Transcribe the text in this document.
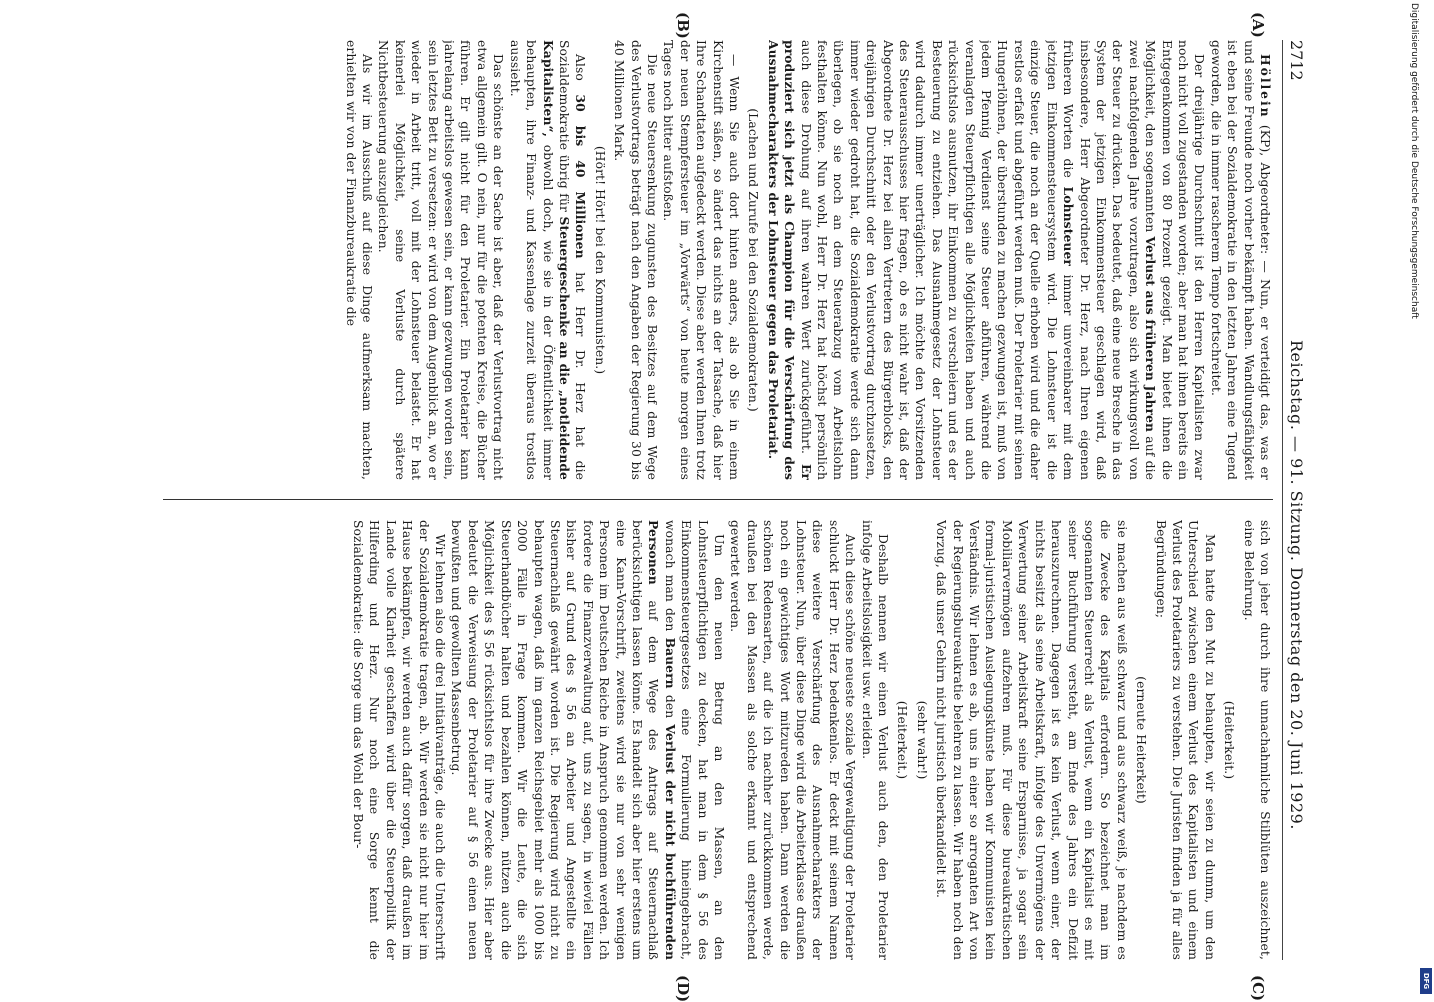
2712
Reichstag. — 91. Sitzung. Donnerstag den 20. Juni 1929.
(A)
(B)
(C)
(D)

Höllein (KP), Abgeordneter: — Nun, er verteidigt das, was er und seine Freunde noch vorher bekämpft haben. Wandlungsfähigkeit ist eben bei der Sozialdemokratie in den letzten Jahren eine Tugend geworden, die in immer rascherem Tempo fortschreitet.

Der dreijährige Durchschnitt ist den Herren Kapitalisten zwar noch nicht voll zugestanden worden; aber man hat ihnen bereits ein Entgegenkommen von 80 Prozent gezeigt. Man bietet ihnen die Möglichkeit, den sogenannten Verlust aus früheren Jahren auf die zwei nachfolgenden Jahre vorzutragen, also sich wirkungsvoll von der Steuer zu drücken. Das bedeutet, daß eine neue Bresche in das System der jetzigen Einkommensteuer geschlagen wird, daß insbesondere, Herr Abgeordneter Dr. Herz, nach Ihren eigenen früheren Worten die Lohnsteuer immer unvereinbarer mit dem jetzigen Einkommensteuersystem wird. Die Lohnsteuer ist die einzige Steuer, die noch an der Quelle erhoben wird und die daher restlos erfaßt und abgeführt werden muß. Der Proletarier mit seinen Hungerlöhnen, der überstunden zu machen gezwungen ist, muß von jedem Pfennig Verdienst seine Steuer abführen, während die veranlagten Steuerpflichtigen alle Möglichkeiten haben und auch rücksichtslos ausnutzen, ihr Einkommen zu verschleiern und es der Besteuerung zu entziehen. Das Ausnahmegesetz der Lohnsteuer wird dadurch immer unerträglicher. Ich möchte den Vorsitzenden des Steuerausschusses hier fragen, ob es nicht wahr ist, daß der Abgeordnete Dr. Herz bei allen Vertretern des Bürgerblocks, den dreijährigen Durchschnitt oder den Verlustvortrag durchzusetzen, immer wieder gedroht hat, die Sozialdemokratie werde sich dann überlegen, ob sie noch an dem Steuerabzug vom Arbeitslohn festhalten könne. Nun wohl, Herr Dr. Herz hat höchst persönlich auch diese Drohung auf ihren wahren Wert zurückgeführt. Er produziert sich jetzt als Champion für die Verschärfung des Ausnahmecharakters der Lohnsteuer gegen das Proletariat.

(Lachen und Zurufe bei den Sozialdemokraten.)

— Wenn Sie auch dort hinten anders, als ob Sie in einem Kirchenstift säßen, so ändert das nichts an der Tatsache, daß hier Ihre Schandtaten aufgedeckt werden. Diese aber werden Ihnen trotz der neuen Stempfersteuer im „Vorwärts“ von heute morgen eines Tages noch bitter aufstoßen.

Die neue Steuersenkung zugunsten des Besitzes auf dem Wege des Verlustvortrags beträgt nach den Angaben der Regierung 30 bis 40 Millionen Mark.

(Hört! Hört! bei den Kommunisten.)

Also 30 bis 40 Millionen hat Herr Dr. Herz hat die Sozialdemokratie übrig für Steuergeschenke an die „notleidende Kapitalisten“, obwohl doch, wie sie in der Öffentlichkeit immer behaupten, ihre Finanz- und Kassenlage zurzeit überaus trostlos aussieht.

Das schönste an der Sache ist aber, daß der Verlustvortrag nicht etwa allgemein gilt. O nein, nur für die potenten Kreise, die Bücher führen. Er gilt nicht für den Proletarier. Ein Proletarier kann jahrelang arbeitslos gewesen sein, er kann gezwungen worden sein, sein letztes Bett zu versetzen: er wird von dem Augenblick an, wo er wieder in Arbeit tritt, voll mit der Lohnsteuer belastet. Er hat keinerlei Möglichkeit, seine Verluste durch spätere Nichtbesteuerung auszugleichen.

Als wir im Ausschuß auf diese Dinge aufmerksam machten, erhielten wir von der Finanzbureaukratie die

sich von jeher durch ihre unnachahmliche Stilblüten auszeichnet, eine Belehrung.

(Heiterkeit.)

Man hatte den Mut zu behaupten, wir seien zu dumm, um den Unterschied zwischen einem Verlust des Kapitalisten und einem Verlust des Proletariers zu verstehen. Die Juristen finden ja für alles Begründungen;

(erneute Heiterkeit)

sie machen aus weiß schwarz und aus schwarz weiß, je nachdem es die Zwecke des Kapitals erfordern. So bezeichnet man im sogenannten Steuerrecht als Verlust, wenn ein Kapitalist es mit seiner Buchführung versteht, am Ende des Jahres ein Defizit herauszurechnen. Dagegen ist es kein Verlust, wenn einer, der nichts besitzt als seine Arbeitskraft, infolge des Unvermögens der Verwertung seiner Arbeitskraft seine Ersparnisse, ja sogar sein Mobiliarvermögen aufzehren muß. Für diese bureaukratischen formal-juristischen Auslegungskünste haben wir Kommunisten kein Verständnis. Wir lehnen es ab, uns in einer so arroganten Art von der Regierungsbureaukratie belehren zu lassen. Wir haben noch den Vorzug, daß unser Gehirn nicht juristisch überkandidelt ist.

(sehr wahr!)

(Heiterkeit.)

Deshalb nennen wir einen Verlust auch den, den Proletarier infolge Arbeitslosigkeit usw. erleiden.

Auch diese schöne neueste soziale Vergewaltigung der Proletarier schluckt Herr Dr. Herz bedenkenlos. Er deckt mit seinem Namen diese weitere Verschärfung des Ausnahmecharakters der Lohnsteuer. Nun, über diese Dinge wird die Arbeiterklasse draußen noch ein gewichtiges Wort mitzureden haben. Dann werden die schönen Redensarten, auf die ich nachher zurückkommen werde, draußen bei den Massen als solche erkannt und entsprechend gewertet werden.

Um den neuen Betrug an den Massen, an den Lohnsteuerpflichtigen zu decken, hat man in dem § 56 des Einkommensteuergesetzes eine Formulierung hineingebracht, wonach man den Bauern den Verlust der nicht buchführenden Personen auf dem Wege des Antrags auf Steuernachlaß berücksichtigen lassen könne. Es handelt sich aber hier erstens um eine Kann-Vorschrift, zweitens wird sie nur von sehr wenigen Personen im Deutschen Reiche in Anspruch genommen werden. Ich fordere die Finanzverwaltung auf, uns zu sagen, in wieviel Fällen bisher auf Grund des § 56 an Arbeiter und Angestellte ein Steuernachlaß gewährt worden ist. Die Regierung wird nicht zu behaupten wagen, daß im ganzen Reichsgebiet mehr als 1000 bis 2000 Fälle in Frage kommen. Wir die Leute, die sich Steuerhandbücher halten und bezahlen können, nützen auch die Möglichkeit des § 56 rücksichtslos für ihre Zwecke aus. Hier aber bedeutet die Verweisung der Proletarier auf § 56 einen neuen bewußten und gewollten Massenbetrug.

Wir lehnen also die drei Initiativanträge, die auch die Unterschrift der Sozialdemokratie tragen, ab. Wir werden sie nicht nur hier im Hause bekämpfen, wir werden auch dafür sorgen, daß draußen im Lande volle Klarheit geschaffen wird über die Steuerpolitik der Hilferding und Herz. Nur noch eine Sorge kennt die Sozialdemokratie: die Sorge um das Wohl der Bour-

Digitalisierung gefördert durch die Deutsche Forschungsgemeinschaft
DFG
